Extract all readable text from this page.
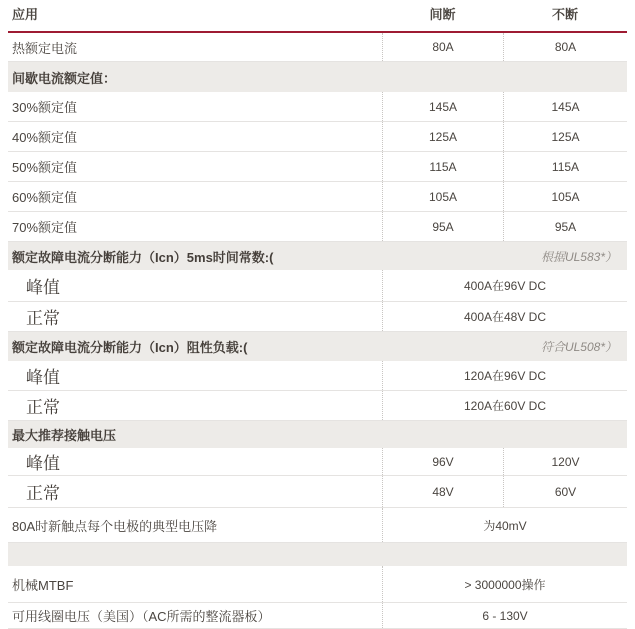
应用	间断	不断
热额定电流	80A	80A
间歇电流额定值：
30%额定值	145A	145A
40%额定值	125A	125A
50%额定值	115A	115A
60%额定值	105A	105A
70%额定值	95A	95A
额定故障电流分断能力（Icn）5ms时间常数:(	根据UL583*）
峰值	400A在96V DC
正常	400A在48V DC
额定故障电流分断能力（Icn）阻性负载:(	符合UL508*）
峰值	120A在96V DC
正常	120A在60V DC
最大推荐接触电压
峰值	96V	120V
正常	48V	60V
80A时新触点每个电极的典型电压降	为40mV
机械MTBF	> 3000000操作
可用线圈电压（美国）（AC所需的整流器板）	6 - 130V
